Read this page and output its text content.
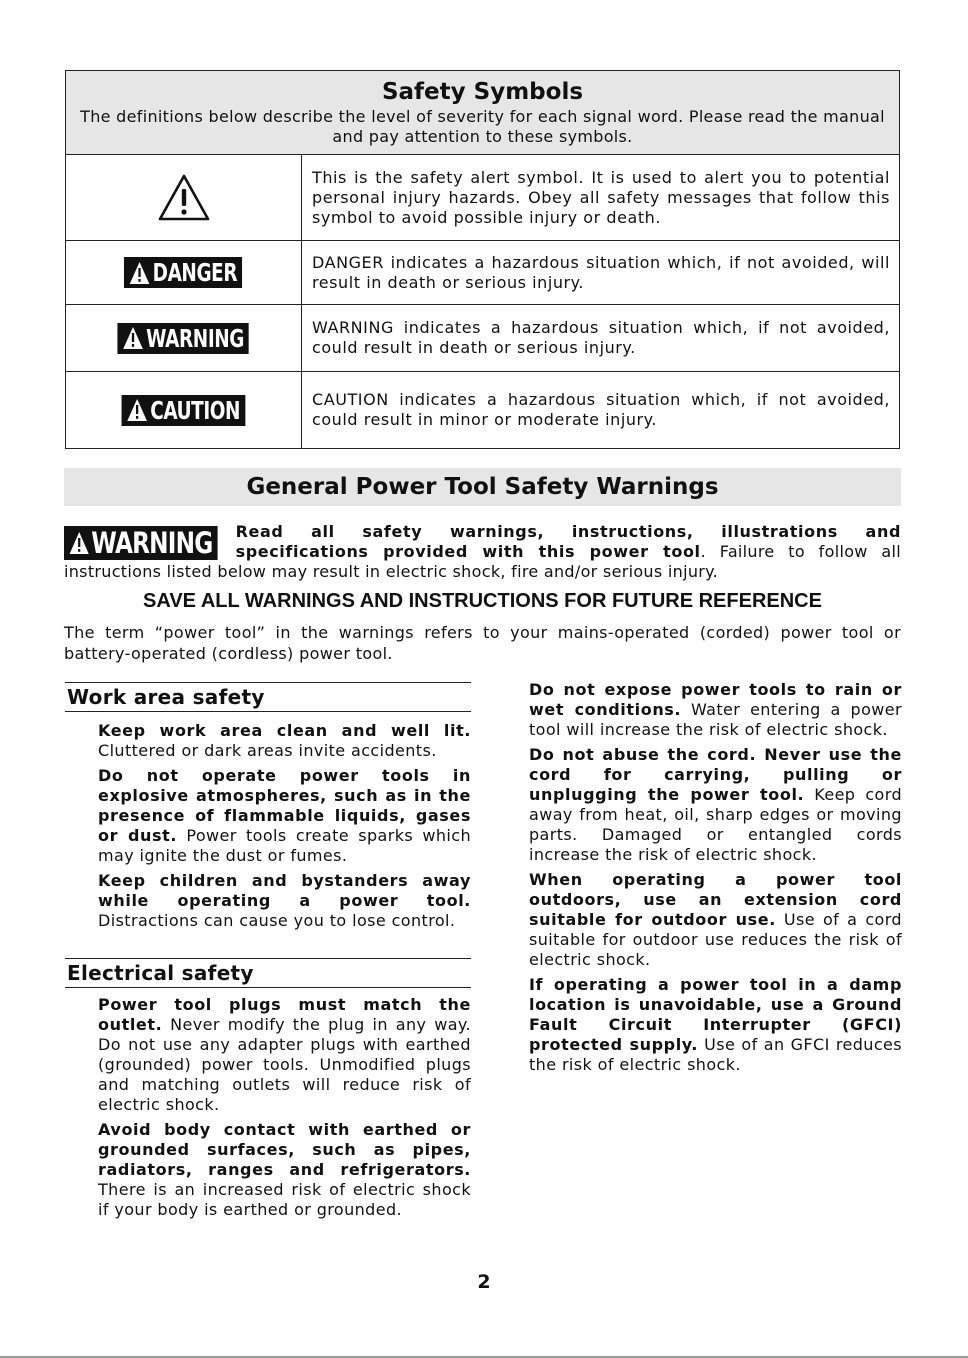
Safety Symbols
The definitions below describe the level of severity for each signal word. Please read the manual and pay attention to these symbols.
This is the safety alert symbol. It is used to alert you to potential personal injury hazards. Obey all safety messages that follow this symbol to avoid possible injury or death.
DANGER	DANGER indicates a hazardous situation which, if not avoided, will result in death or serious injury.
WARNING	WARNING indicates a hazardous situation which, if not avoided, could result in death or serious injury.
CAUTION	CAUTION indicates a hazardous situation which, if not avoided, could result in minor or moderate injury.
General Power Tool Safety Warnings
WARNING Read all safety warnings, instructions, illustrations and specifications provided with this power tool. Failure to follow all instructions listed below may result in electric shock, fire and/or serious injury.
SAVE ALL WARNINGS AND INSTRUCTIONS FOR FUTURE REFERENCE
The term “power tool” in the warnings refers to your mains-operated (corded) power tool or battery-operated (cordless) power tool.
Work area safety

Keep work area clean and well lit. Cluttered or dark areas invite accidents.

Do not operate power tools in explosive atmospheres, such as in the presence of flammable liquids, gases or dust. Power tools create sparks which may ignite the dust or fumes.

Keep children and bystanders away while operating a power tool. Distractions can cause you to lose control.

Electrical safety

Power tool plugs must match the outlet. Never modify the plug in any way. Do not use any adapter plugs with earthed (grounded) power tools. Unmodified plugs and matching outlets will reduce risk of electric shock.

Avoid body contact with earthed or grounded surfaces, such as pipes, radiators, ranges and refrigerators. There is an increased risk of electric shock if your body is earthed or grounded.

Do not expose power tools to rain or wet conditions. Water entering a power tool will increase the risk of electric shock.

Do not abuse the cord. Never use the cord for carrying, pulling or unplugging the power tool. Keep cord away from heat, oil, sharp edges or moving parts. Damaged or entangled cords increase the risk of electric shock.

When operating a power tool outdoors, use an extension cord suitable for outdoor use. Use of a cord suitable for outdoor use reduces the risk of electric shock.

If operating a power tool in a damp location is unavoidable, use a Ground Fault Circuit Interrupter (GFCI) protected supply. Use of an GFCI reduces the risk of electric shock.

2
